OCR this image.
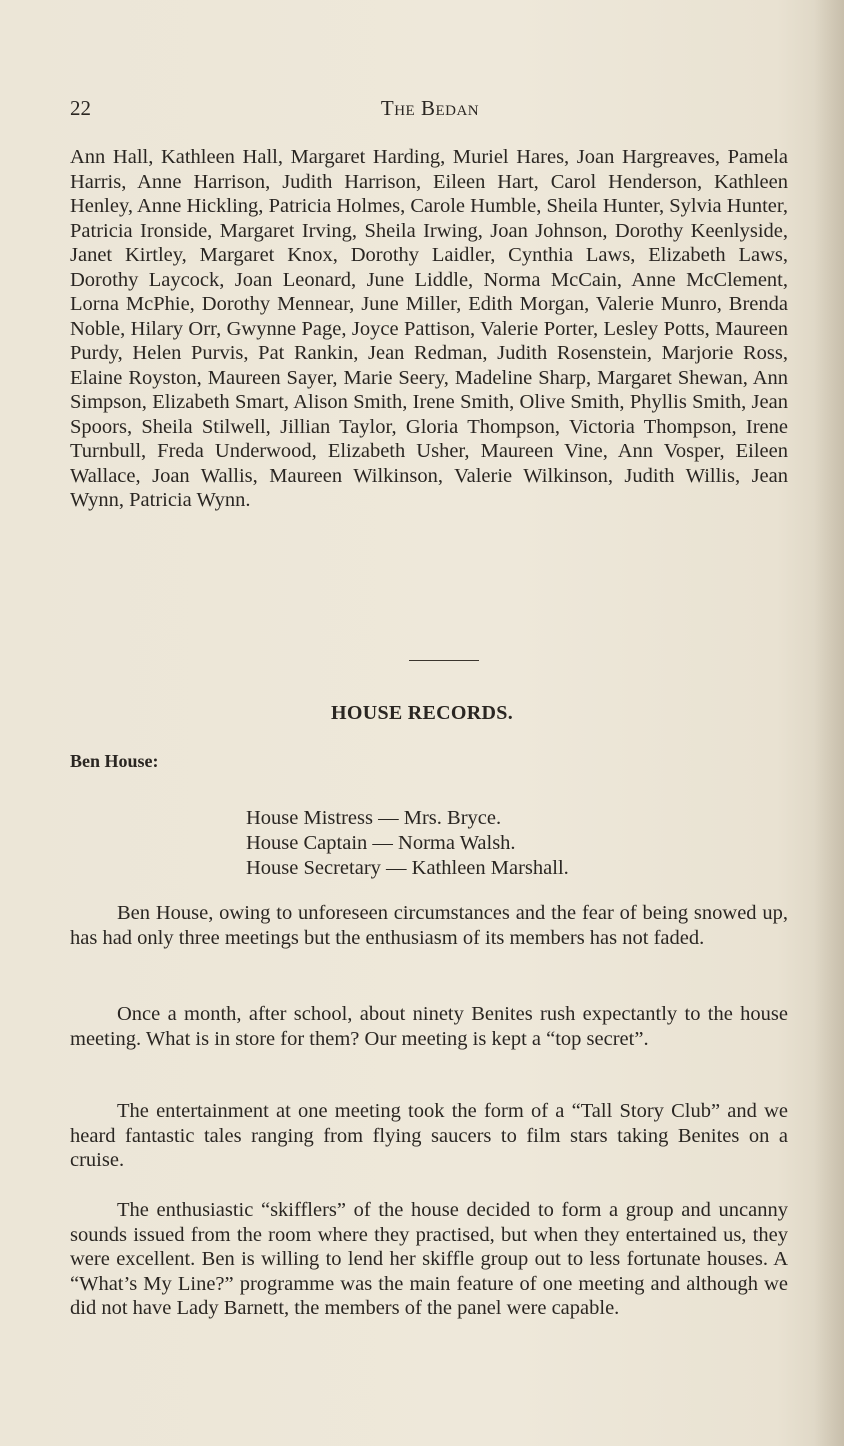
22	The Bedan

Ann Hall, Kathleen Hall, Margaret Harding, Muriel Hares, Joan Hargreaves, Pamela Harris, Anne Harrison, Judith Harrison, Eileen Hart, Carol Henderson, Kathleen Henley, Anne Hickling, Patricia Holmes, Carole Humble, Sheila Hunter, Sylvia Hunter, Patricia Ironside, Margaret Irving, Sheila Irwing, Joan Johnson, Dorothy Keenlyside, Janet Kirtley, Margaret Knox, Dorothy Laidler, Cynthia Laws, Elizabeth Laws, Dorothy Laycock, Joan Leonard, June Liddle, Norma McCain, Anne McClement, Lorna McPhie, Dorothy Mennear, June Miller, Edith Morgan, Valerie Munro, Brenda Noble, Hilary Orr, Gwynne Page, Joyce Pattison, Valerie Porter, Lesley Potts, Maureen Purdy, Helen Purvis, Pat Rankin, Jean Redman, Judith Rosenstein, Marjorie Ross, Elaine Royston, Maureen Sayer, Marie Seery, Madeline Sharp, Margaret Shewan, Ann Simpson, Elizabeth Smart, Alison Smith, Irene Smith, Olive Smith, Phyllis Smith, Jean Spoors, Sheila Stilwell, Jillian Taylor, Gloria Thompson, Victoria Thompson, Irene Turnbull, Freda Underwood, Elizabeth Usher, Maureen Vine, Ann Vosper, Eileen Wallace, Joan Wallis, Maureen Wilkinson, Valerie Wilkinson, Judith Willis, Jean Wynn, Patricia Wynn.

HOUSE RECORDS.
Ben House:
House Mistress — Mrs. Bryce.
House Captain — Norma Walsh.
House Secretary — Kathleen Marshall.

Ben House, owing to unforeseen circumstances and the fear of being snowed up, has had only three meetings but the enthusiasm of its members has not faded.

Once a month, after school, about ninety Benites rush expectantly to the house meeting. What is in store for them? Our meeting is kept a “top secret”.

The entertainment at one meeting took the form of a “Tall Story Club” and we heard fantastic tales ranging from flying saucers to film stars taking Benites on a cruise.

The enthusiastic “skifflers” of the house decided to form a group and uncanny sounds issued from the room where they practised, but when they entertained us, they were excellent. Ben is willing to lend her skiffle group out to less fortunate houses. A “What’s My Line?” programme was the main feature of one meeting and although we did not have Lady Barnett, the members of the panel were capable.
